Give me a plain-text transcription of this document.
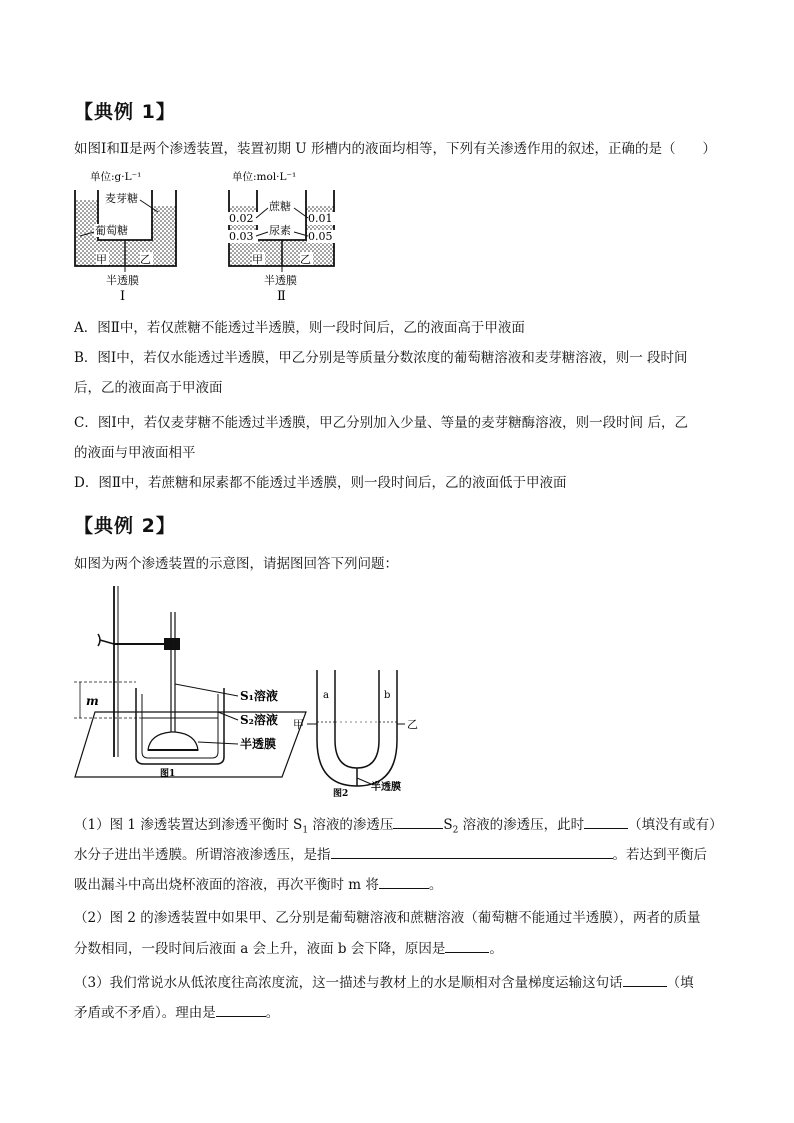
【典例 1】
如图Ⅰ和Ⅱ是两个渗透装置，装置初期 U 形槽内的液面均相等，下列有关渗透作用的叙述，正确的是（　　）
单位:g·L⁻¹
麦芽糖
葡萄糖
甲	乙
半透膜
Ⅰ
单位:mol·L⁻¹
0.02
0.03
0.01
0.05
蔗糖
尿素
甲	乙
半透膜
Ⅱ
A．图Ⅱ中，若仅蔗糖不能透过半透膜，则一段时间后，乙的液面高于甲液面
B．图Ⅰ中，若仅水能透过半透膜，甲乙分别是等质量分数浓度的葡萄糖溶液和麦芽糖溶液，则一 段时间
后，乙的液面高于甲液面
C．图Ⅰ中，若仅麦芽糖不能透过半透膜，甲乙分别加入少量、等量的麦芽糖酶溶液，则一段时间 后，乙
的液面与甲液面相平
D．图Ⅱ中，若蔗糖和尿素都不能透过半透膜，则一段时间后，乙的液面低于甲液面
【典例 2】
如图为两个渗透装置的示意图，请据图回答下列问题：
m	S₁溶液
S₂溶液
半透膜
图1
a	b
甲	乙
半透膜
图2
（1）图 1 渗透装置达到渗透平衡时 $S_1$ 溶液的渗透压	$S_2$ 溶液的渗透压，此时	（填没有或有）
水分子进出半透膜。所谓溶液渗透压，是指	。若达到平衡后
吸出漏斗中高出烧杯液面的溶液，再次平衡时 m 将	。
（2）图 2 的渗透装置中如果甲、乙分别是葡萄糖溶液和蔗糖溶液（葡萄糖不能通过半透膜），两者的质量
分数相同，一段时间后液面 a 会上升，液面 b 会下降，原因是	。
（3）我们常说水从低浓度往高浓度流，这一描述与教材上的水是顺相对含量梯度运输这句话	（填
矛盾或不矛盾）。理由是	。
